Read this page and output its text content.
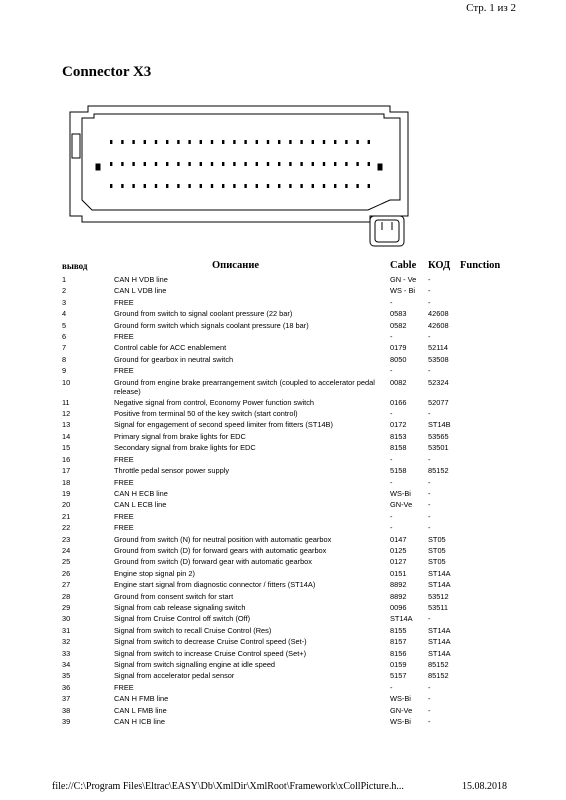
Стр. 1 из 2
Connector X3
вывод	Описание	Cable	КОД	Function
1	CAN H VDB line	GN - Ve	-	
2	CAN L VDB line	WS - Bi	-	
3	FREE	-	-	
4	Ground from switch to signal coolant pressure (22 bar)	0583	42608	
5	Ground form switch which signals coolant pressure (18 bar)	0582	42608	
6	FREE	-	-	
7	Control cable for ACC enablement	0179	52114	
8	Ground for gearbox in neutral switch	8050	53508	
9	FREE	-	-	
10	Ground from engine brake prearrangement switch (coupled to accelerator pedal release)	0082	52324	
11	Negative signal from control, Economy Power function switch	0166	52077	
12	Positive from terminal 50 of the key switch (start control)	-	-	
13	Signal for engagement of second speed limiter from fitters (ST14B)	0172	ST14B	
14	Primary signal from brake lights for EDC	8153	53565	
15	Secondary signal from brake lights for EDC	8158	53501	
16	FREE	-	-	
17	Throttle pedal sensor power supply	5158	85152	
18	FREE	-	-	
19	CAN H ECB line	WS-Bi	-	
20	CAN L ECB line	GN-Ve	-	
21	FREE	-	-	
22	FREE	-	-	
23	Ground from switch (N) for neutral position with automatic gearbox	0147	ST05	
24	Ground from switch (D) for forward gears with automatic gearbox	0125	ST05	
25	Ground from switch (D) forward gear with automatic gearbox	0127	ST05	
26	Engine stop signal pin 2)	0151	ST14A	
27	Engine start signal from diagnostic connector / fitters (ST14A)	8892	ST14A	
28	Ground from consent switch for start	8892	53512	
29	Signal from cab release signaling switch	0096	53511	
30	Signal from Cruise Control off switch (Off)	ST14A	-	
31	Signal from switch to recall Cruise Control (Res)	8155	ST14A	
32	Signal from switch to decrease Cruise Control speed (Set-)	8157	ST14A	
33	Signal from switch to increase Cruise Control speed (Set+)	8156	ST14A	
34	Signal from switch signalling engine at idle speed	0159	85152	
35	Signal from accelerator pedal sensor	5157	85152	
36	FREE	-	-	
37	CAN H FMB line	WS-Bi	-	
38	CAN L FMB line	GN-Ve	-	
39	CAN H ICB line	WS-Bi	-	
file://C:\Program Files\Eltrac\EASY\Db\XmlDir\XmlRoot\Framework\xCollPicture.h...	15.08.2018
